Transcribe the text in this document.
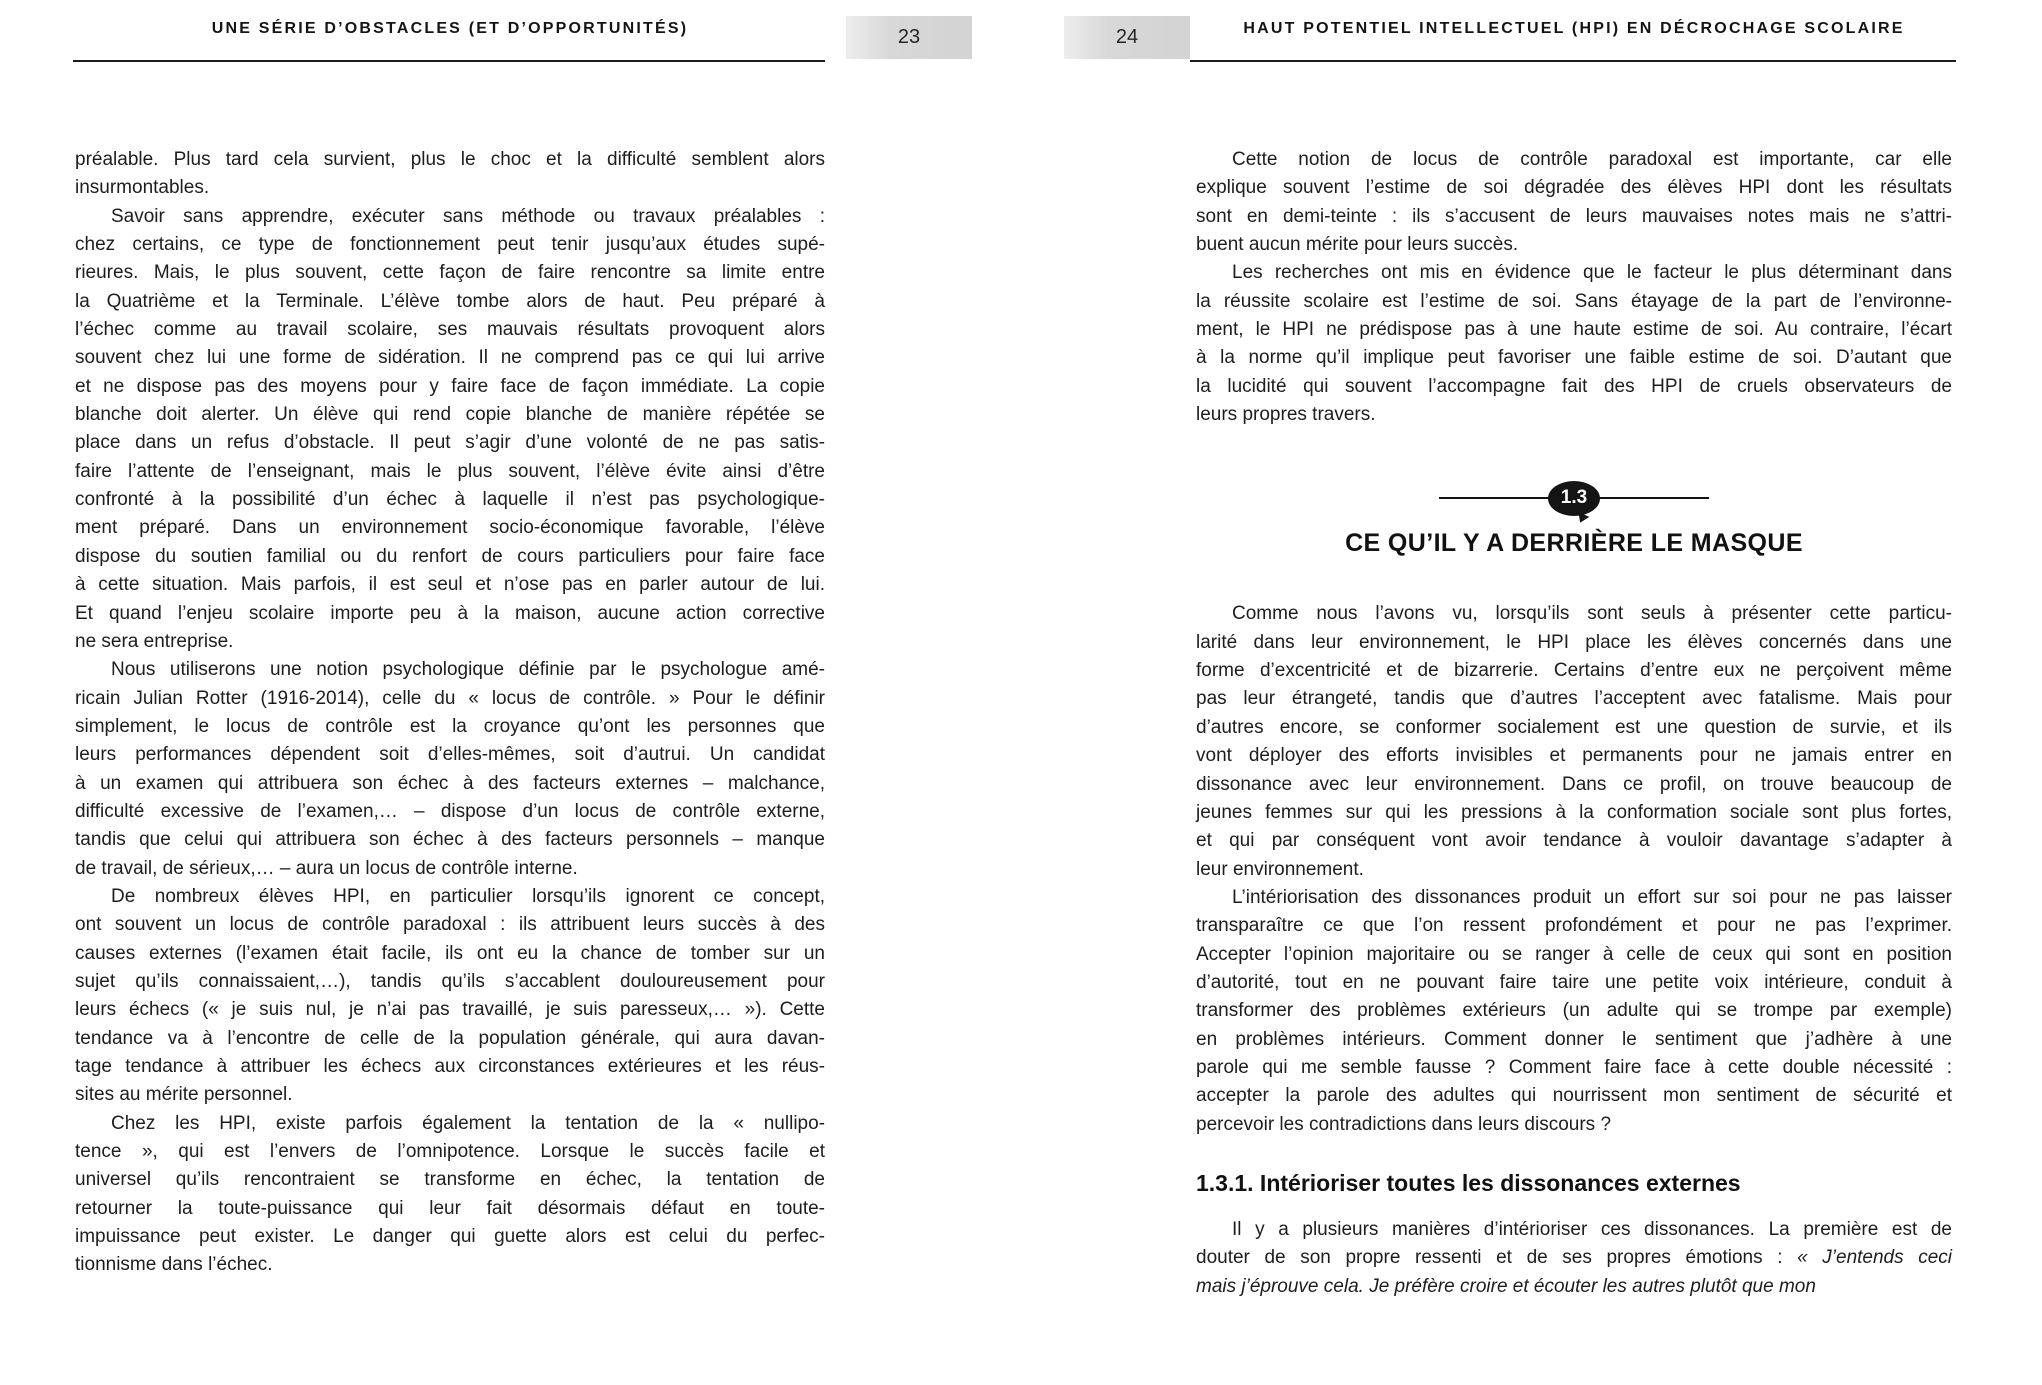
UNE SÉRIE D’OBSTACLES (ET D’OPPORTUNITÉS)	23	HAUT POTENTIEL INTELLECTUEL (HPI) EN DÉCROCHAGE SCOLAIRE
24
préalable. Plus tard cela survient, plus le choc et la difficulté semblent alors
insurmontables.
Savoir sans apprendre, exécuter sans méthode ou travaux préalables :
chez certains, ce type de fonctionnement peut tenir jusqu’aux études supé-
rieures. Mais, le plus souvent, cette façon de faire rencontre sa limite entre
la Quatrième et la Terminale. L’élève tombe alors de haut. Peu préparé à
l’échec comme au travail scolaire, ses mauvais résultats provoquent alors
souvent chez lui une forme de sidération. Il ne comprend pas ce qui lui arrive
et ne dispose pas des moyens pour y faire face de façon immédiate. La copie
blanche doit alerter. Un élève qui rend copie blanche de manière répétée se
place dans un refus d’obstacle. Il peut s’agir d’une volonté de ne pas satis-
faire l’attente de l’enseignant, mais le plus souvent, l’élève évite ainsi d’être
confronté à la possibilité d’un échec à laquelle il n’est pas psychologique-
ment préparé. Dans un environnement socio-économique favorable, l’élève
dispose du soutien familial ou du renfort de cours particuliers pour faire face
à cette situation. Mais parfois, il est seul et n’ose pas en parler autour de lui.
Et quand l’enjeu scolaire importe peu à la maison, aucune action corrective
ne sera entreprise.
Nous utiliserons une notion psychologique définie par le psychologue amé-
ricain Julian Rotter (1916-2014), celle du « locus de contrôle. » Pour le définir
simplement, le locus de contrôle est la croyance qu’ont les personnes que
leurs performances dépendent soit d’elles-mêmes, soit d’autrui. Un candidat
à un examen qui attribuera son échec à des facteurs externes – malchance,
difficulté excessive de l’examen,… – dispose d’un locus de contrôle externe,
tandis que celui qui attribuera son échec à des facteurs personnels – manque
de travail, de sérieux,… – aura un locus de contrôle interne.
De nombreux élèves HPI, en particulier lorsqu’ils ignorent ce concept,
ont souvent un locus de contrôle paradoxal : ils attribuent leurs succès à des
causes externes (l’examen était facile, ils ont eu la chance de tomber sur un
sujet qu’ils connaissaient,…), tandis qu’ils s’accablent douloureusement pour
leurs échecs (« je suis nul, je n’ai pas travaillé, je suis paresseux,… »). Cette
tendance va à l’encontre de celle de la population générale, qui aura davan-
tage tendance à attribuer les échecs aux circonstances extérieures et les réus-
sites au mérite personnel.
Chez les HPI, existe parfois également la tentation de la « nullipo-
tence », qui est l’envers de l’omnipotence. Lorsque le succès facile et
universel qu’ils rencontraient se transforme en échec, la tentation de
retourner la toute-puissance qui leur fait désormais défaut en toute-
impuissance peut exister. Le danger qui guette alors est celui du perfec-
tionnisme dans l’échec.
Cette notion de locus de contrôle paradoxal est importante, car elle
explique souvent l’estime de soi dégradée des élèves HPI dont les résultats
sont en demi-teinte : ils s’accusent de leurs mauvaises notes mais ne s’attri-
buent aucun mérite pour leurs succès.
Les recherches ont mis en évidence que le facteur le plus déterminant dans
la réussite scolaire est l’estime de soi. Sans étayage de la part de l’environne-
ment, le HPI ne prédispose pas à une haute estime de soi. Au contraire, l’écart
à la norme qu’il implique peut favoriser une faible estime de soi. D’autant que
la lucidité qui souvent l’accompagne fait des HPI de cruels observateurs de
leurs propres travers.
1.3
CE QU’IL Y A DERRIÈRE LE MASQUE
Comme nous l’avons vu, lorsqu’ils sont seuls à présenter cette particu-
larité dans leur environnement, le HPI place les élèves concernés dans une
forme d’excentricité et de bizarrerie. Certains d’entre eux ne perçoivent même
pas leur étrangeté, tandis que d’autres l’acceptent avec fatalisme. Mais pour
d’autres encore, se conformer socialement est une question de survie, et ils
vont déployer des efforts invisibles et permanents pour ne jamais entrer en
dissonance avec leur environnement. Dans ce profil, on trouve beaucoup de
jeunes femmes sur qui les pressions à la conformation sociale sont plus fortes,
et qui par conséquent vont avoir tendance à vouloir davantage s’adapter à
leur environnement.
L’intériorisation des dissonances produit un effort sur soi pour ne pas laisser
transparaître ce que l’on ressent profondément et pour ne pas l’exprimer.
Accepter l’opinion majoritaire ou se ranger à celle de ceux qui sont en position
d’autorité, tout en ne pouvant faire taire une petite voix intérieure, conduit à
transformer des problèmes extérieurs (un adulte qui se trompe par exemple)
en problèmes intérieurs. Comment donner le sentiment que j’adhère à une
parole qui me semble fausse ? Comment faire face à cette double nécessité :
accepter la parole des adultes qui nourrissent mon sentiment de sécurité et
percevoir les contradictions dans leurs discours ?
1.3.1. Intérioriser toutes les dissonances externes
Il y a plusieurs manières d’intérioriser ces dissonances. La première est de
douter de son propre ressenti et de ses propres émotions : « J’entends ceci
mais j’éprouve cela. Je préfère croire et écouter les autres plutôt que mon
